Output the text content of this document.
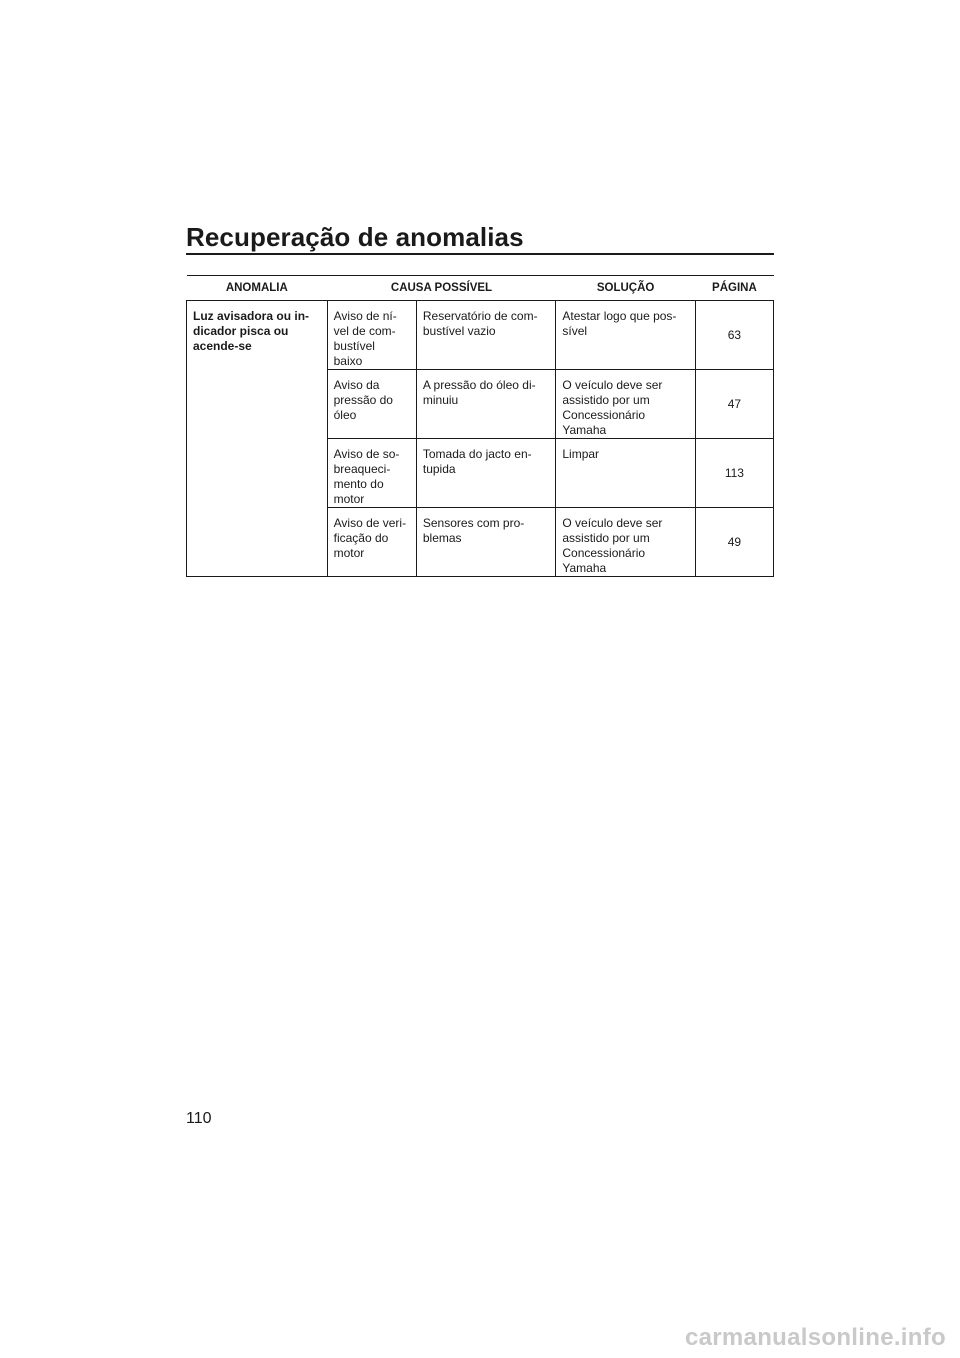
Recuperação de anomalias
ANOMALIA	CAUSA POSSÍVEL		SOLUÇÃO	PÁGINA

Luz avisadora ou in-
dicador pisca ou
acende-se	Aviso de ní-
vel de com-
bustível
baixo	Reservatório de com-
bustível vazio	Atestar logo que pos-
sível	63

	Aviso da
pressão do
óleo	A pressão do óleo di-
minuiu	O veículo deve ser
assistido por um
Concessionário
Yamaha	47

	Aviso de so-
breaqueci-
mento do
motor	Tomada do jacto en-
tupida	Limpar	113

	Aviso de veri-
ficação do
motor	Sensores com pro-
blemas	O veículo deve ser
assistido por um
Concessionário
Yamaha	49

110

carmanualsonline.info
